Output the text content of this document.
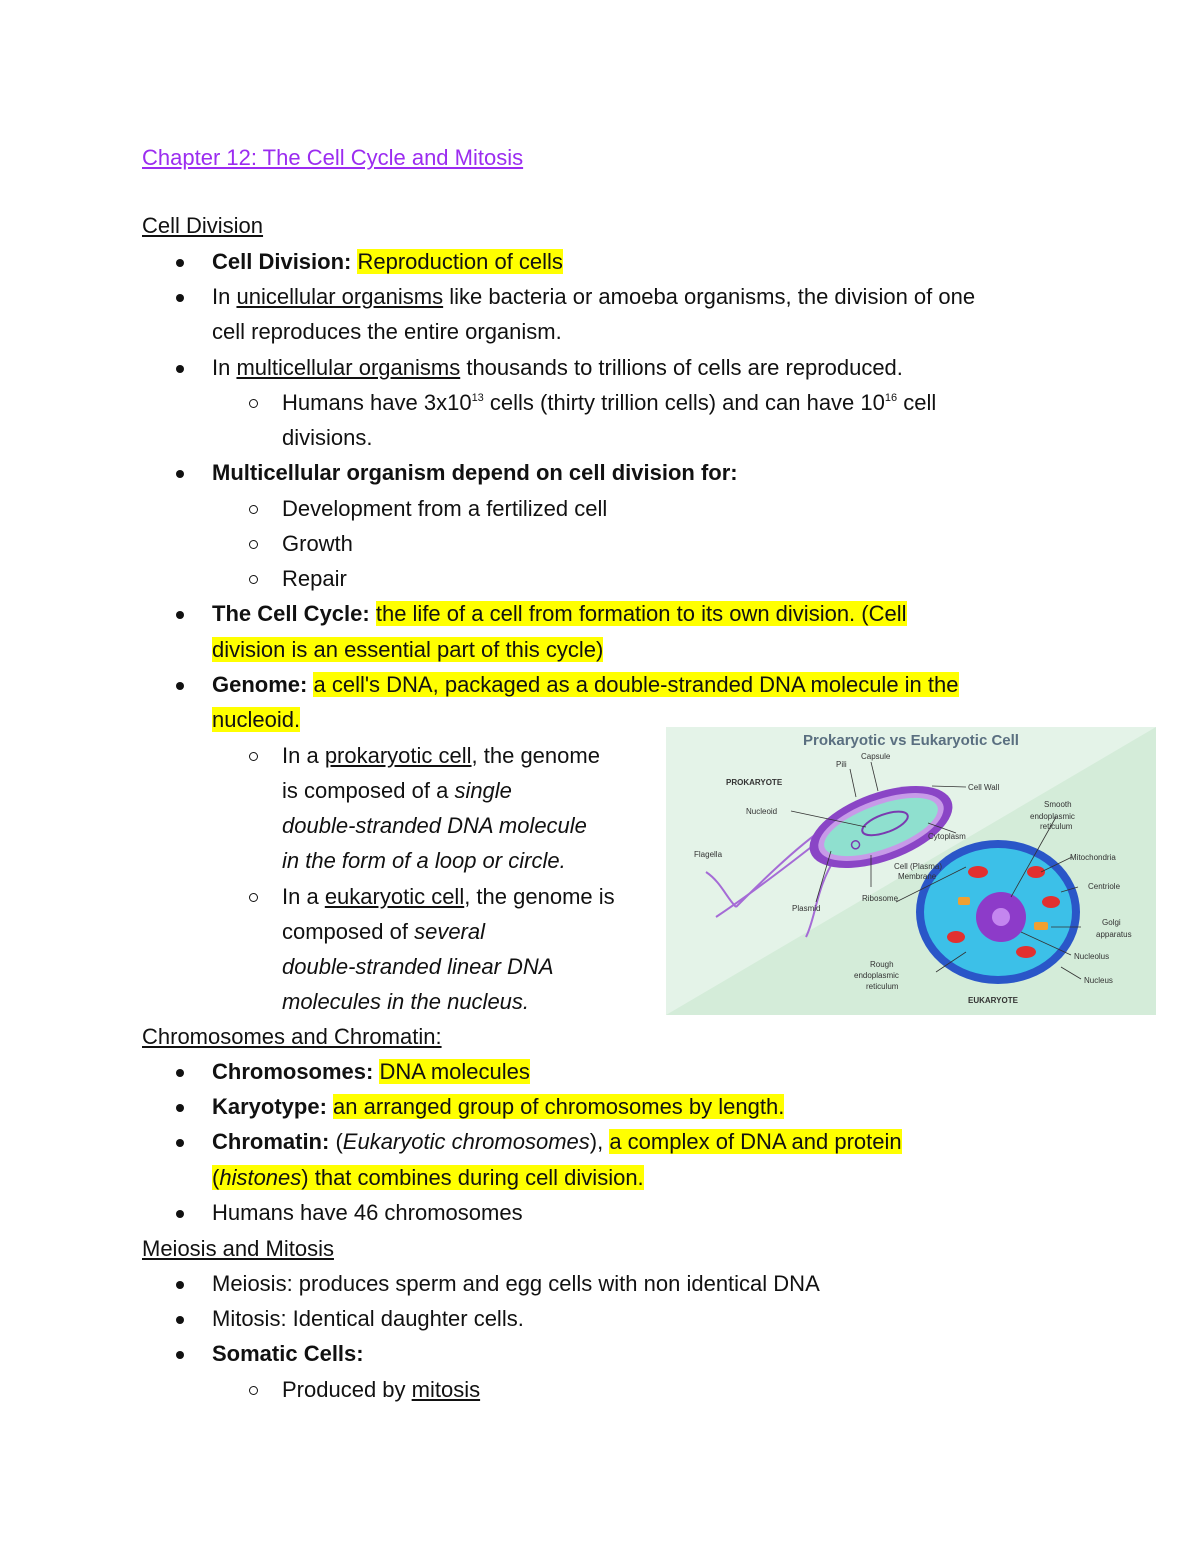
Chapter 12: The Cell Cycle and Mitosis
Cell Division
Cell Division: Reproduction of cells
In unicellular organisms like bacteria or amoeba organisms, the division of one
cell reproduces the entire organism.
In multicellular organisms thousands to trillions of cells are reproduced.
Humans have $3x10^{13}$ cells (thirty trillion cells) and can have $10^{16}$ cell
divisions.
Multicellular organism depend on cell division for:
Development from a fertilized cell
Growth
Repair
The Cell Cycle: the life of a cell from formation to its own division. (Cell
division is an essential part of this cycle)
Genome: a cell's DNA, packaged as a double-stranded DNA molecule in the
nucleoid.
In a prokaryotic cell, the genome
is composed of a single
double-stranded DNA molecule
in the form of a loop or circle.
In a eukaryotic cell, the genome is
composed of several
double-stranded linear DNA
molecules in the nucleus.
Prokaryotic vs Eukaryotic Cell
PROKARYOTE
EUKARYOTE
Pili
Capsule
Cell Wall
Nucleoid
Cytoplasm
Flagella
Cell (Plasma)
Membrane
Plasmid
Ribosome
Smooth
endoplasmic
reticulum
Mitochondria
Centriole
Golgi
apparatus
Nucleolus
Nucleus
Rough
endoplasmic
reticulum
Chromosomes and Chromatin:
Chromosomes: DNA molecules
Karyotype: an arranged group of chromosomes by length.
Chromatin: (Eukaryotic chromosomes), a complex of DNA and protein
(histones) that combines during cell division.
Humans have 46 chromosomes
Meiosis and Mitosis
Meiosis: produces sperm and egg cells with non identical DNA
Mitosis: Identical daughter cells.
Somatic Cells:
Produced by mitosis
